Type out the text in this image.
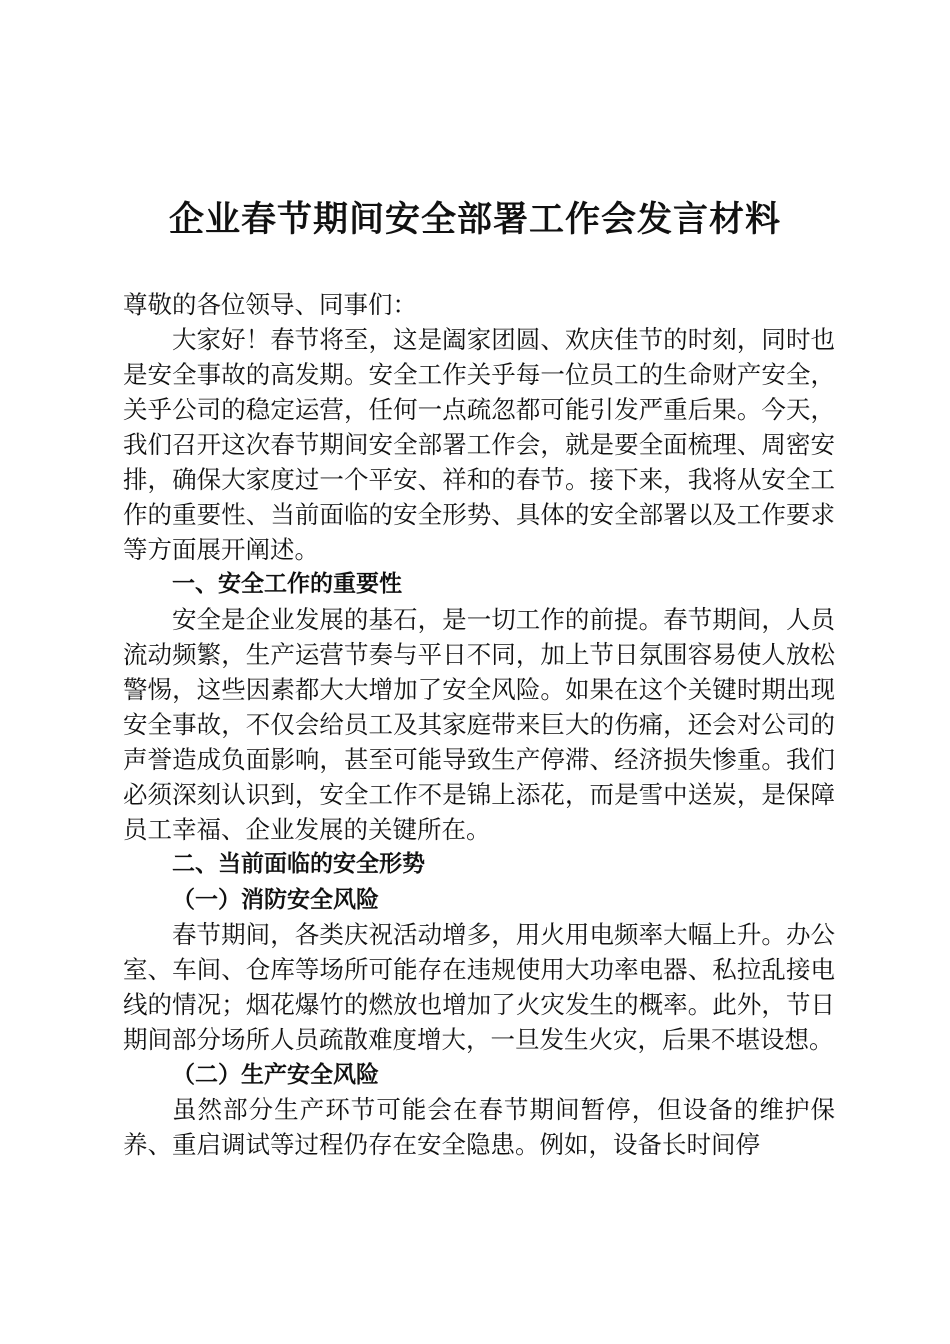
企业春节期间安全部署工作会发言材料

尊敬的各位领导、同事们：

大家好！春节将至，这是阖家团圆、欢庆佳节的时刻，同时也是安全事故的高发期。安全工作关乎每一位员工的生命财产安全，关乎公司的稳定运营，任何一点疏忽都可能引发严重后果。今天，我们召开这次春节期间安全部署工作会，就是要全面梳理、周密安排，确保大家度过一个平安、祥和的春节。接下来，我将从安全工作的重要性、当前面临的安全形势、具体的安全部署以及工作要求等方面展开阐述。

一、安全工作的重要性

安全是企业发展的基石，是一切工作的前提。春节期间，人员流动频繁，生产运营节奏与平日不同，加上节日氛围容易使人放松警惕，这些因素都大大增加了安全风险。如果在这个关键时期出现安全事故，不仅会给员工及其家庭带来巨大的伤痛，还会对公司的声誉造成负面影响，甚至可能导致生产停滞、经济损失惨重。我们必须深刻认识到，安全工作不是锦上添花，而是雪中送炭，是保障员工幸福、企业发展的关键所在。

二、当前面临的安全形势

（一）消防安全风险

春节期间，各类庆祝活动增多，用火用电频率大幅上升。办公室、车间、仓库等场所可能存在违规使用大功率电器、私拉乱接电线的情况；烟花爆竹的燃放也增加了火灾发生的概率。此外，节日期间部分场所人员疏散难度增大，一旦发生火灾，后果不堪设想。

（二）生产安全风险

虽然部分生产环节可能会在春节期间暂停，但设备的维护保养、重启调试等过程仍存在安全隐患。例如，设备长时间停
